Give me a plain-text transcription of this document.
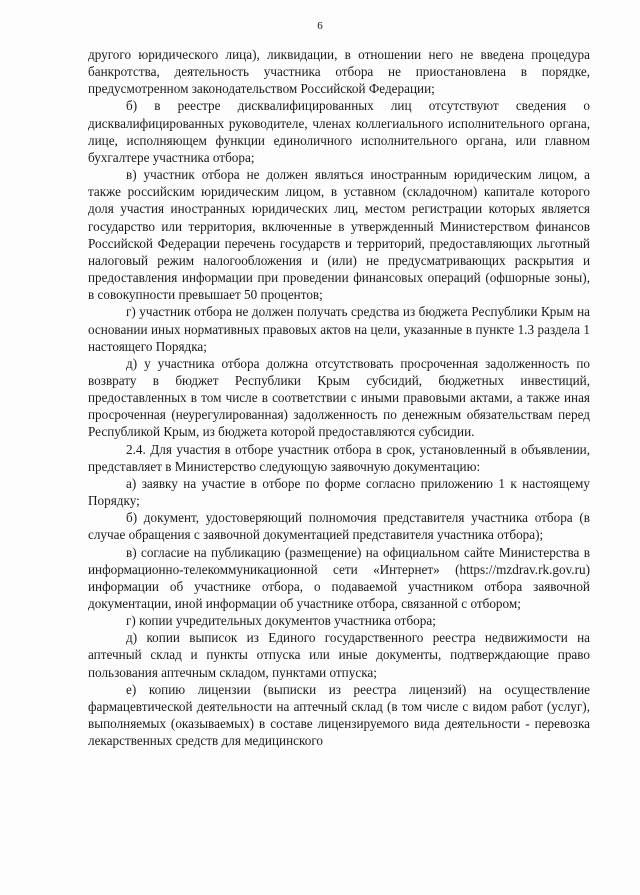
6

другого юридического лица), ликвидации, в отношении него не введена процедура банкротства, деятельность участника отбора не приостановлена в порядке, предусмотренном законодательством Российской Федерации;

б) в реестре дисквалифицированных лиц отсутствуют сведения о дисквалифицированных руководителе, членах коллегиального исполнительного органа, лице, исполняющем функции единоличного исполнительного органа, или главном бухгалтере участника отбора;

в) участник отбора не должен являться иностранным юридическим лицом, а также российским юридическим лицом, в уставном (складочном) капитале которого доля участия иностранных юридических лиц, местом регистрации которых является государство или территория, включенные в утвержденный Министерством финансов Российской Федерации перечень государств и территорий, предоставляющих льготный налоговый режим налогообложения и (или) не предусматривающих раскрытия и предоставления информации при проведении финансовых операций (офшорные зоны), в совокупности превышает 50 процентов;

г) участник отбора не должен получать средства из бюджета Республики Крым на основании иных нормативных правовых актов на цели, указанные в пункте 1.3 раздела 1 настоящего Порядка;

д) у участника отбора должна отсутствовать просроченная задолженность по возврату в бюджет Республики Крым субсидий, бюджетных инвестиций, предоставленных в том числе в соответствии с иными правовыми актами, а также иная просроченная (неурегулированная) задолженность по денежным обязательствам перед Республикой Крым, из бюджета которой предоставляются субсидии.

2.4. Для участия в отборе участник отбора в срок, установленный в объявлении, представляет в Министерство следующую заявочную документацию:

а) заявку на участие в отборе по форме согласно приложению 1 к настоящему Порядку;

б) документ, удостоверяющий полномочия представителя участника отбора (в случае обращения с заявочной документацией представителя участника отбора);

в) согласие на публикацию (размещение) на официальном сайте Министерства в информационно-телекоммуникационной сети «Интернет» (https://mzdrav.rk.gov.ru) информации об участнике отбора, о подаваемой участником отбора заявочной документации, иной информации об участнике отбора, связанной с отбором;

г) копии учредительных документов участника отбора;

д) копии выписок из Единого государственного реестра недвижимости на аптечный склад и пункты отпуска или иные документы, подтверждающие право пользования аптечным складом, пунктами отпуска;

е) копию лицензии (выписки из реестра лицензий) на осуществление фармацевтической деятельности на аптечный склад (в том числе с видом работ (услуг), выполняемых (оказываемых) в составе лицензируемого вида деятельности - перевозка лекарственных средств для медицинского
